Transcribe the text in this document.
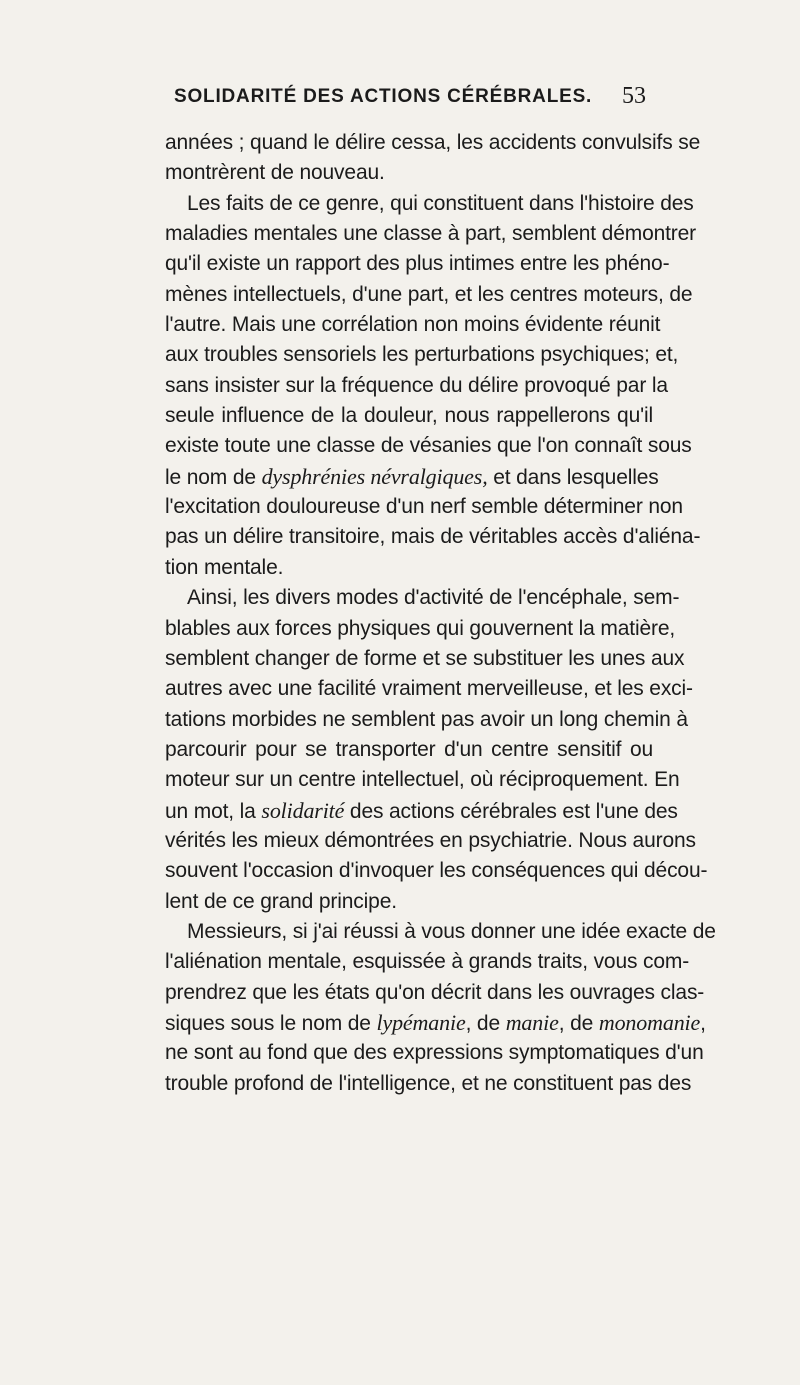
SOLIDARITÉ DES ACTIONS CÉRÉBRALES. 53
années ; quand le délire cessa, les accidents convulsifs se
montrèrent de nouveau.
Les faits de ce genre, qui constituent dans l'histoire des
maladies mentales une classe à part, semblent démontrer
qu'il existe un rapport des plus intimes entre les phéno-
mènes intellectuels, d'une part, et les centres moteurs, de
l'autre. Mais une corrélation non moins évidente réunit
aux troubles sensoriels les perturbations psychiques; et,
sans insister sur la fréquence du délire provoqué par la
seule influence de la douleur, nous rappellerons qu'il
existe toute une classe de vésanies que l'on connaît sous
le nom de dysphrénies névralgiques, et dans lesquelles
l'excitation douloureuse d'un nerf semble déterminer non
pas un délire transitoire, mais de véritables accès d'aliéna-
tion mentale.
Ainsi, les divers modes d'activité de l'encéphale, sem-
blables aux forces physiques qui gouvernent la matière,
semblent changer de forme et se substituer les unes aux
autres avec une facilité vraiment merveilleuse, et les exci-
tations morbides ne semblent pas avoir un long chemin à
parcourir pour se transporter d'un centre sensitif ou
moteur sur un centre intellectuel, où réciproquement. En
un mot, la solidarité des actions cérébrales est l'une des
vérités les mieux démontrées en psychiatrie. Nous aurons
souvent l'occasion d'invoquer les conséquences qui décou-
lent de ce grand principe.
Messieurs, si j'ai réussi à vous donner une idée exacte de
l'aliénation mentale, esquissée à grands traits, vous com-
prendrez que les états qu'on décrit dans les ouvrages clas-
siques sous le nom de lypémanie, de manie, de monomanie,
ne sont au fond que des expressions symptomatiques d'un
trouble profond de l'intelligence, et ne constituent pas des
